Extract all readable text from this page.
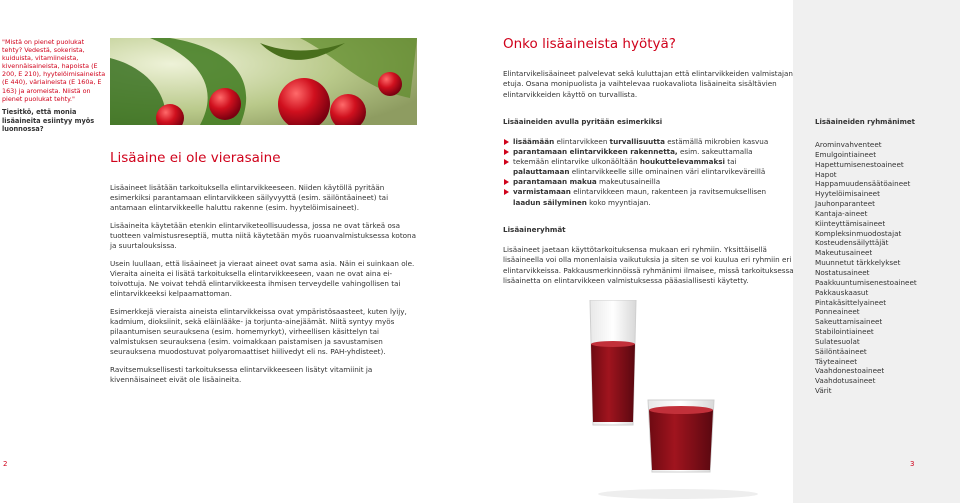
"Mistä on pienet puolukat tehty? Vedestä, sokerista, kuiduista, vitamiineista, kivennäisaineista, hapoista (E 200, E 210), hyytelöimisaineista (E 440), väriaineista (E 160a, E 163) ja aromeista. Niistä on pienet puolukat tehty."
Tiesitkö, että monia lisäaineita esiintyy myös luonnossa?
Lisäaine ei ole vierasaine

Lisäaineet lisätään tarkoituksella elintarvikkeeseen. Niiden käytöllä pyritään esimerkiksi parantamaan elintarvikkeen säilyvyyttä (esim. säilöntäaineet) tai antamaan elintarvikkeelle haluttu rakenne (esim. hyytelöimisaineet).

Lisäaineita käytetään etenkin elintarviketeollisuudessa, jossa ne ovat tärkeä osa tuotteen valmistusreseptiä, mutta niitä käytetään myös ruoanvalmistuksessa kotona ja suurtalouksissa.

Usein luullaan, että lisäaineet ja vieraat aineet ovat sama asia. Näin ei suinkaan ole. Vieraita aineita ei lisätä tarkoituksella elintarvikkeeseen, vaan ne ovat aina ei-toivottuja. Ne voivat tehdä elintarvikkeesta ihmisen terveydelle vahingollisen tai elintarvikkeeksi kelpaamattoman.

Esimerkkejä vieraista aineista elintarvikkeissa ovat ympäristösaasteet, kuten lyijy, kadmium, dioksiinit, sekä eläinlääke- ja torjunta-ainejäämät. Niitä syntyy myös pilaantumisen seurauksena (esim. homemyrkyt), virheellisen käsittelyn tai valmistuksen seurauksena (esim. voimakkaan paistamisen ja savustamisen seurauksena muodostuvat polyaromaattiset hiilivedyt eli ns. PAH-yhdisteet).

Ravitsemuksellisesti tarkoituksessa elintarvikkeeseen lisätyt vitamiinit ja kivennäisaineet eivät ole lisäaineita.

2
Onko lisäaineista hyötyä?
Elintarvikelisäaineet palvelevat sekä kuluttajan että elintarvikkeiden valmistajan etuja. Osana monipuolista ja vaihtelevaa ruokavaliota lisäaineita sisältävien elintarvikkeiden käyttö on turvallista.
Lisäaineiden avulla pyritään esimerkiksi
lisäämään elintarvikkeen turvallisuutta estämällä mikrobien kasvua
parantamaan elintarvikkeen rakennetta, esim. sakeuttamalla
tekemään elintarvike ulkonäöltään houkuttelevammaksi tai palauttamaan elintarvikkeelle sille ominainen väri elintarvikeväreillä
parantamaan makua makeutusaineilla
varmistamaan elintarvikkeen maun, rakenteen ja ravitsemuksellisen laadun säilyminen koko myyntiajan.
Lisäaineryhmät

Lisäaineet jaetaan käyttötarkoituksensa mukaan eri ryhmiin. Yksittäisellä lisäaineella voi olla monenlaisia vaikutuksia ja siten se voi kuulua eri ryhmiin eri elintarvikkeissa. Pakkausmerkinnöissä ryhmänimi ilmaisee, missä tarkoituksessa lisäainetta on elintarvikkeen valmistuksessa pääasiallisesti käytetty.

Lisäaineiden ryhmänimet
Arominvahventeet
Emulgointiaineet
Hapettumisenestoaineet
Hapot
Happamuudensäätöaineet
Hyytelöimisaineet
Jauhonparanteet
Kantaja-aineet
Kiinteyttämisaineet
Kompleksinmuodostajat
Kosteudensäilyttäjät
Makeutusaineet
Muunnetut tärkkelykset
Nostatusaineet
Paakkuuntumisenestoaineet
Pakkauskaasut
Pintakäsittelyaineet
Ponneaineet
Sakeuttamisaineet
Stabilointiaineet
Sulatesuolat
Säilöntäaineet
Täyteaineet
Vaahdonestoaineet
Vaahdotusaineet
Värit
3
